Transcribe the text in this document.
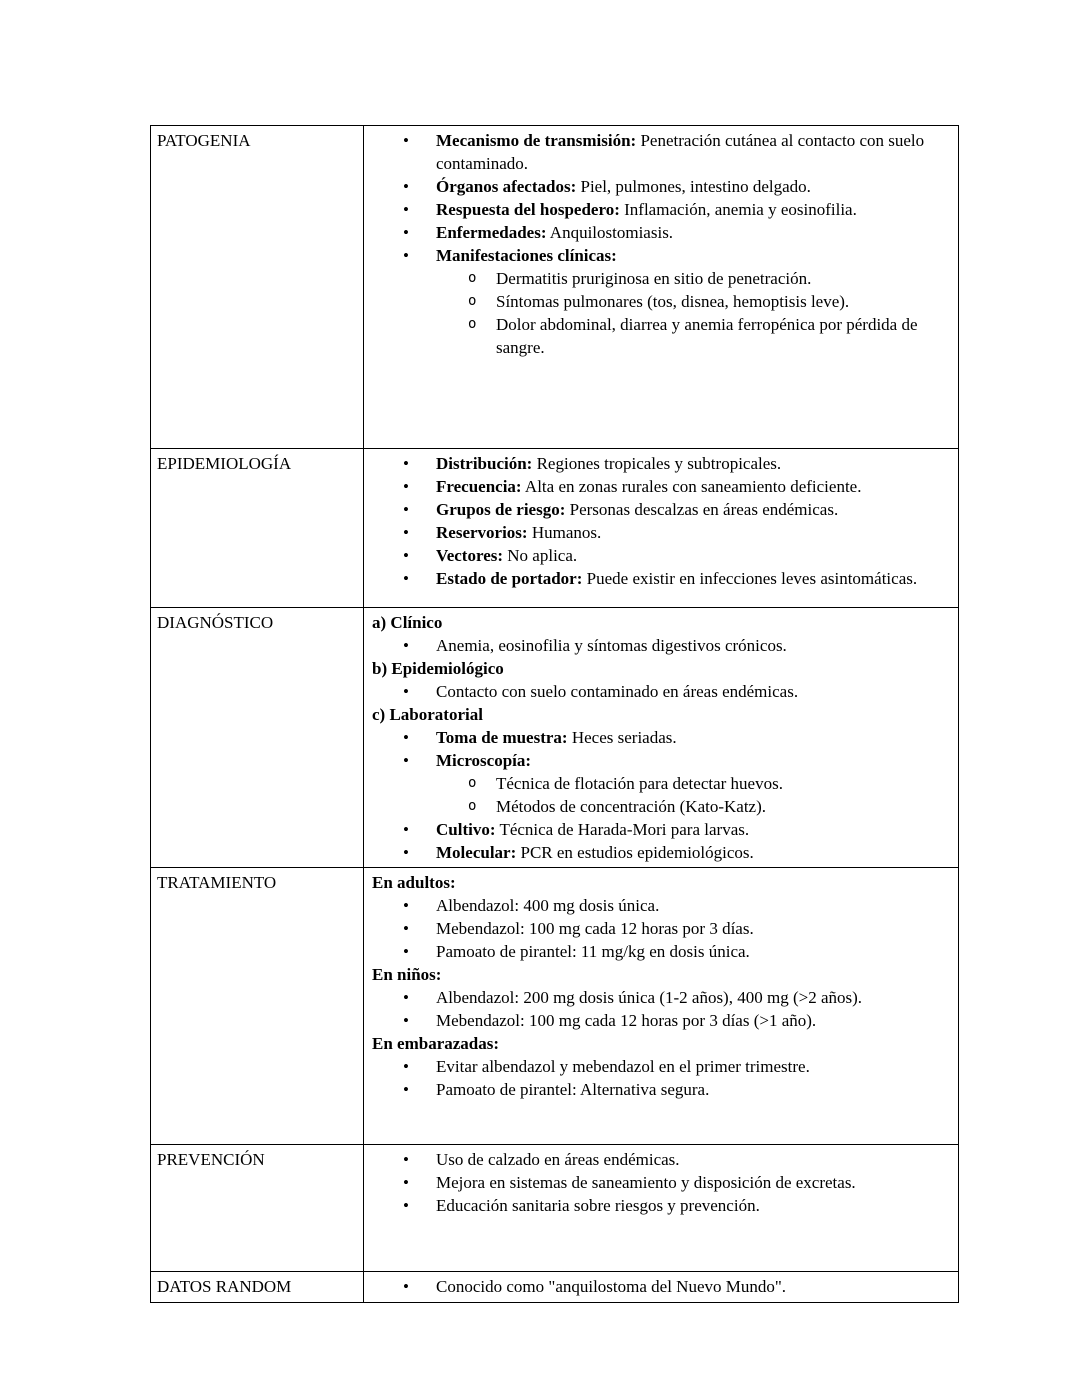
PATOGENIA	•	Mecanismo de transmisión: Penetración cutánea al contacto con suelo contaminado.
•	Órganos afectados: Piel, pulmones, intestino delgado.
•	Respuesta del hospedero: Inflamación, anemia y eosinofilia.
•	Enfermedades: Anquilostomiasis.
•	Manifestaciones clínicas:
o	Dermatitis pruriginosa en sitio de penetración.
o	Síntomas pulmonares (tos, disnea, hemoptisis leve).
o	Dolor abdominal, diarrea y anemia ferropénica por pérdida de sangre.

EPIDEMIOLOGÍA	•	Distribución: Regiones tropicales y subtropicales.
•	Frecuencia: Alta en zonas rurales con saneamiento deficiente.
•	Grupos de riesgo: Personas descalzas en áreas endémicas.
•	Reservorios: Humanos.
•	Vectores: No aplica.
•	Estado de portador: Puede existir en infecciones leves asintomáticas.

DIAGNÓSTICO	a) Clínico
•	Anemia, eosinofilia y síntomas digestivos crónicos.
b) Epidemiológico
•	Contacto con suelo contaminado en áreas endémicas.
c) Laboratorial
•	Toma de muestra: Heces seriadas.
•	Microscopía:
o	Técnica de flotación para detectar huevos.
o	Métodos de concentración (Kato-Katz).
•	Cultivo: Técnica de Harada-Mori para larvas.
•	Molecular: PCR en estudios epidemiológicos.

TRATAMIENTO	En adultos:
•	Albendazol: 400 mg dosis única.
•	Mebendazol: 100 mg cada 12 horas por 3 días.
•	Pamoato de pirantel: 11 mg/kg en dosis única.
En niños:
•	Albendazol: 200 mg dosis única (1-2 años), 400 mg (>2 años).
•	Mebendazol: 100 mg cada 12 horas por 3 días (>1 año).
En embarazadas:
•	Evitar albendazol y mebendazol en el primer trimestre.
•	Pamoato de pirantel: Alternativa segura.

PREVENCIÓN	•	Uso de calzado en áreas endémicas.
•	Mejora en sistemas de saneamiento y disposición de excretas.
•	Educación sanitaria sobre riesgos y prevención.

DATOS RANDOM	• Conocido como "anquilostoma del Nuevo Mundo".
